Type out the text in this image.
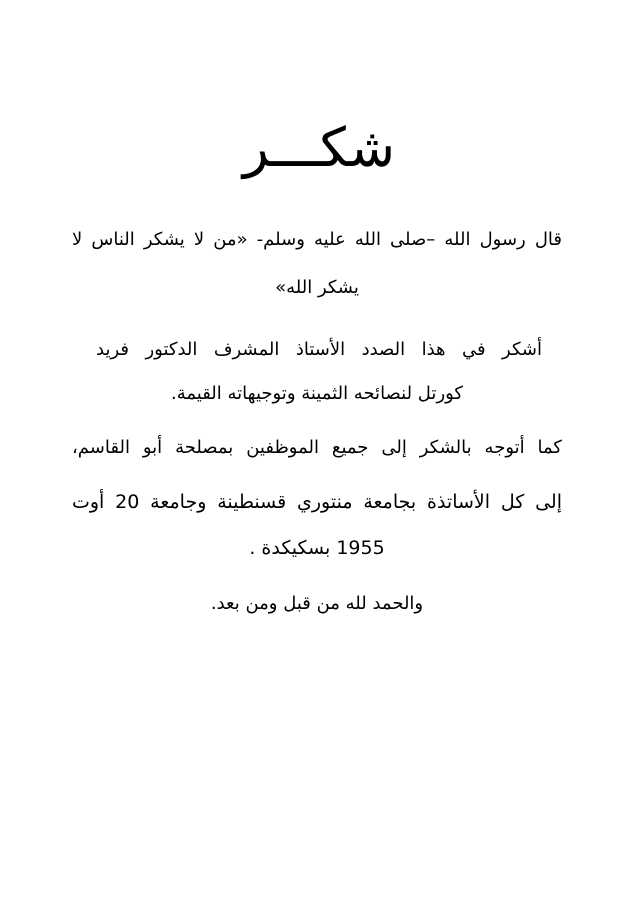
شكـــر
قال رسول الله –صلى الله عليه وسلم- «من لا يشكر الناس لا
يشكر الله»
أشكر في هذا الصدد الأستاذ المشرف الدكتور فريد
كورتل لنصائحه الثمينة وتوجيهاته القيمة.
كما أتوجه بالشكر إلى جميع الموظفين بمصلحة أبو القاسم،
إلى كل الأساتذة بجامعة منتوري قسنطينة وجامعة 20 أوت
1955 بسكيكدة .
والحمد لله من قبل ومن بعد.
